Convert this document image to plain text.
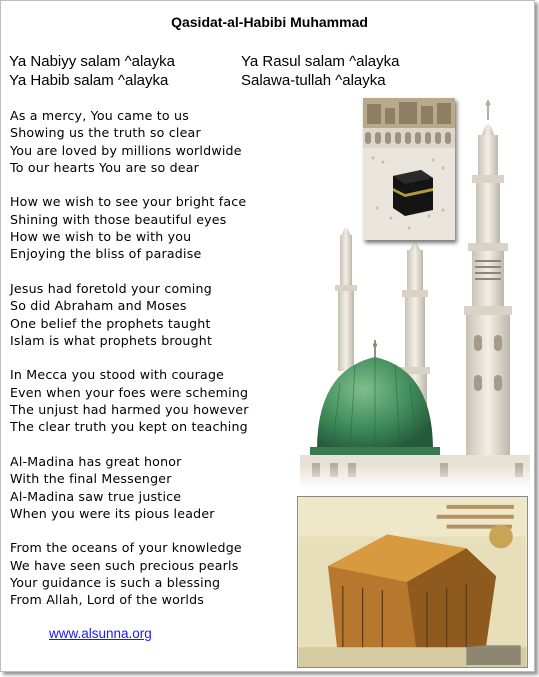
Qasidat-al-Habibi Muhammad
Ya Nabiyy salam ^alayka
Ya Habib salam ^alayka
Ya Rasul salam ^alayka
Salawa-tullah ^alayka
As a mercy, You came to us
Showing us the truth so clear
You are loved by millions worldwide
To our hearts You are so dear
How we wish to see your bright face
Shining with those beautiful eyes
How we wish to be with you
Enjoying the bliss of paradise
Jesus had foretold your coming
So did Abraham and Moses
One belief the prophets taught
Islam is what prophets brought
In Mecca you stood with courage
Even when your foes were scheming
The unjust had harmed you however
The clear truth you kept on teaching
Al-Madina has great honor
With the final Messenger
Al-Madina saw true justice
When you were its pious leader
From the oceans of your knowledge
We have seen such precious pearls
Your guidance is such a blessing
From Allah, Lord of the worlds
www.alsunna.org
